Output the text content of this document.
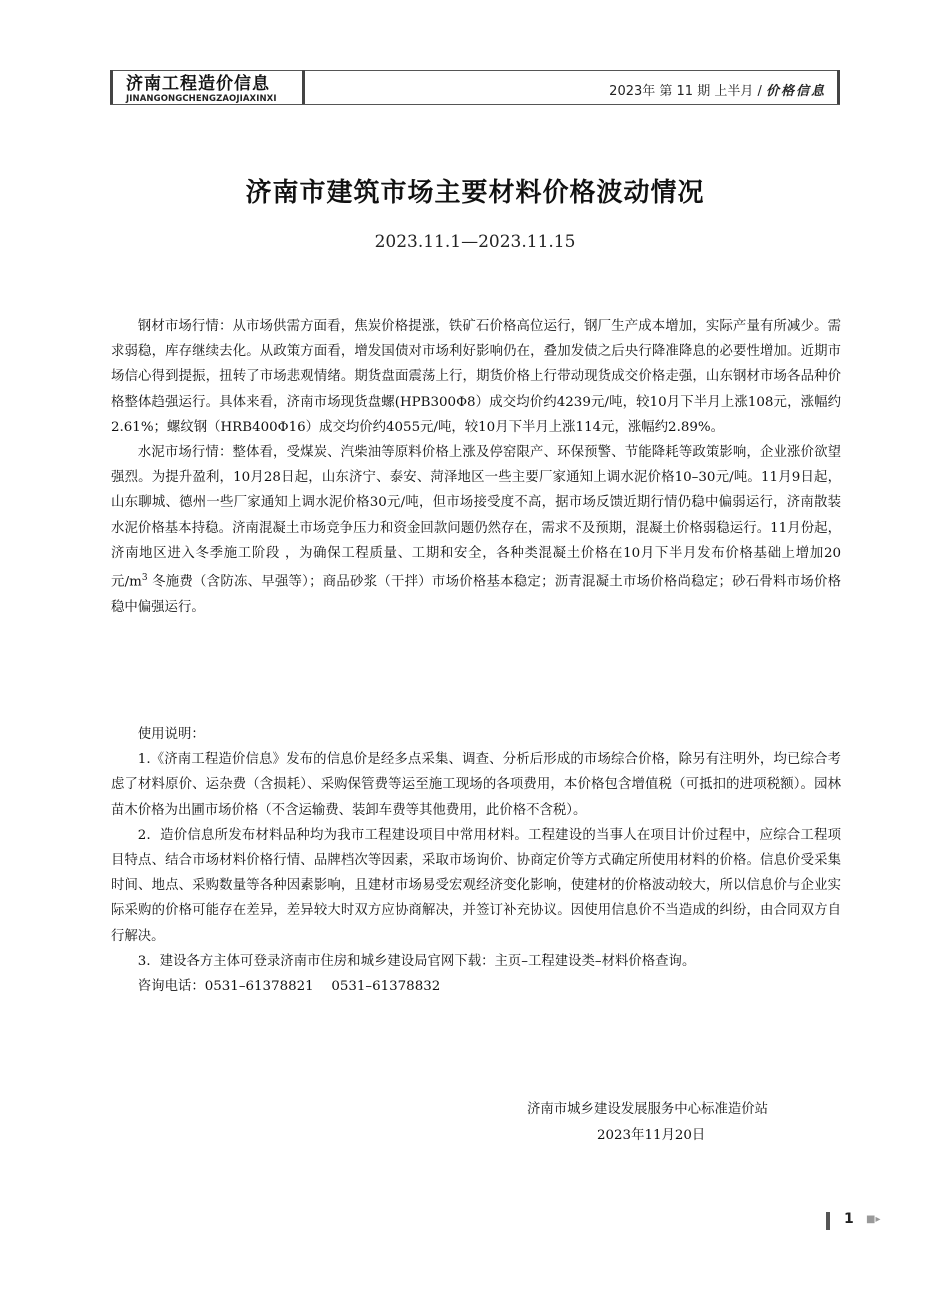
济南工程造价信息
JINANGONGCHENGZAOJIAXINXI	2023年 第 11 期 上半月 / 价格信息
济南市建筑市场主要材料价格波动情况
2023.11.1—2023.11.15

钢材市场行情：从市场供需方面看，焦炭价格提涨，铁矿石价格高位运行，钢厂生产成本增加，实际产量有所减少。需求弱稳，库存继续去化。从政策方面看，增发国债对市场利好影响仍在，叠加发债之后央行降准降息的必要性增加。近期市场信心得到提振，扭转了市场悲观情绪。期货盘面震荡上行，期货价格上行带动现货成交价格走强，山东钢材市场各品种价格整体趋强运行。具体来看，济南市场现货盘螺(HPB300Φ8）成交均价约4239元/吨，较10月下半月上涨108元，涨幅约2.61%；螺纹钢（HRB400Φ16）成交均价约4055元/吨，较10月下半月上涨114元，涨幅约2.89%。

水泥市场行情：整体看，受煤炭、汽柴油等原料价格上涨及停窑限产、环保预警、节能降耗等政策影响，企业涨价欲望强烈。为提升盈利，10月28日起，山东济宁、泰安、菏泽地区一些主要厂家通知上调水泥价格10–30元/吨。11月9日起，山东聊城、德州一些厂家通知上调水泥价格30元/吨，但市场接受度不高，据市场反馈近期行情仍稳中偏弱运行，济南散装水泥价格基本持稳。济南混凝土市场竞争压力和资金回款问题仍然存在，需求不及预期，混凝土价格弱稳运行。11月份起，济南地区进入冬季施工阶段 ，为确保工程质量、工期和安全，各种类混凝土价格在10月下半月发布价格基础上增加20元$/m^3$ 冬施费（含防冻、早强等）；商品砂浆（干拌）市场价格基本稳定；沥青混凝土市场价格尚稳定；砂石骨料市场价格稳中偏强运行。

使用说明：

1.《济南工程造价信息》发布的信息价是经多点采集、调查、分析后形成的市场综合价格，除另有注明外，均已综合考虑了材料原价、运杂费（含损耗）、采购保管费等运至施工现场的各项费用，本价格包含增值税（可抵扣的进项税额）。园林苗木价格为出圃市场价格（不含运输费、装卸车费等其他费用，此价格不含税）。

2．造价信息所发布材料品种均为我市工程建设项目中常用材料。工程建设的当事人在项目计价过程中，应综合工程项目特点、结合市场材料价格行情、品牌档次等因素，采取市场询价、协商定价等方式确定所使用材料的价格。信息价受采集时间、地点、采购数量等各种因素影响，且建材市场易受宏观经济变化影响，使建材的价格波动较大，所以信息价与企业实际采购的价格可能存在差异，差异较大时双方应协商解决，并签订补充协议。因使用信息价不当造成的纠纷，由合同双方自行解决。

3．建设各方主体可登录济南市住房和城乡建设局官网下载：主页–工程建设类–材料价格查询。

咨询电话：0531–61378821　 0531–61378832

济南市城乡建设发展服务中心标准造价站
2023年11月20日
1 ■▸
